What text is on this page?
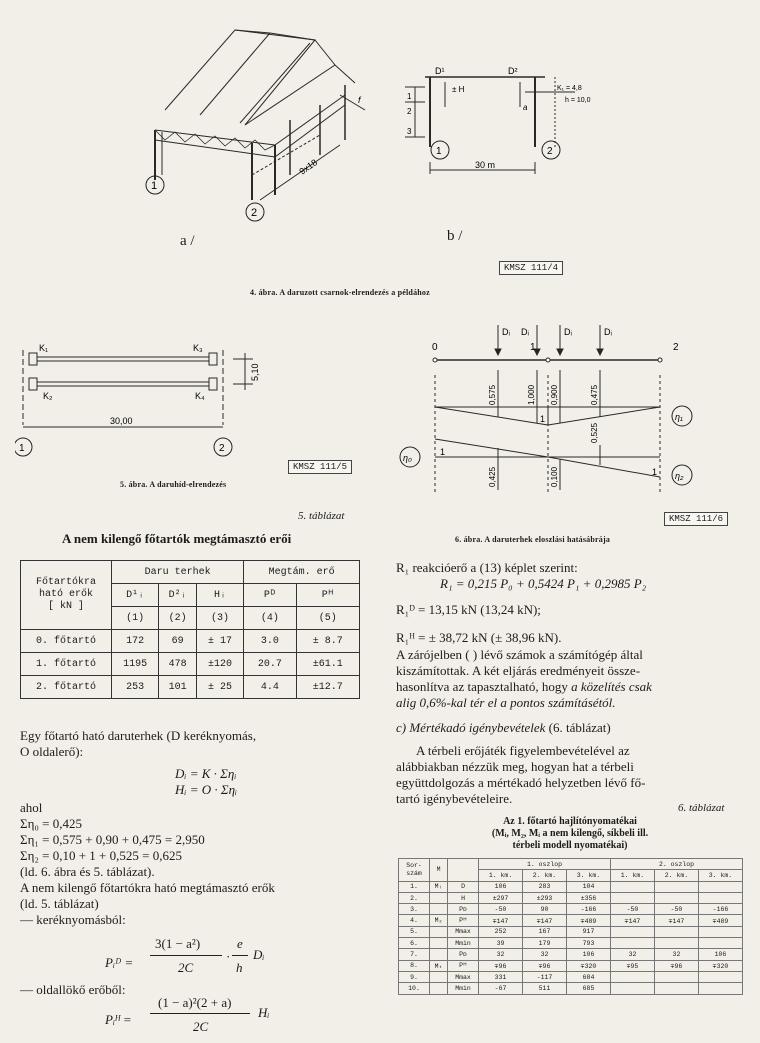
1
2
9x18
f
a /
1	2
D¹	D²
± H
a
K₁ = 4,8
h = 10,0
1
2
3
30 m
b /
KMSZ 111/4
4. ábra. A daruzott csarnok-elrendezés a példához
K₁	K₃
K₂	K₄
5,10
30,00
1	2
KMSZ 111/5
5. ábra. A daruhíd-elrendezés
0	1	2
Dᵢ Dᵢ	Dᵢ	Dᵢ
0,575	1,000 0,900	0,475
1	η₁
η₀
1
0,525
0,425	0,100	1 η₂
KMSZ 111/6
6. ábra. A daruterhek eloszlási hatásábrája
5. táblázat
A nem kilengő főtartók megtámasztó erői
Főtartókra
ható erők
[ kN ]	Daru terhek			Megtám. erő	
	D¹ᵢ	D²ᵢ	Hᵢ	Pᴰ	Pᴴ
	(1)	(2)	(3)	(4)	(5)
0. főtartó	172	69	± 17	3.0	± 8.7
1. főtartó	1195	478	±120	20.7	±61.1
2. főtartó	253	101	± 25	4.4	±12.7
Egy főtartó ható daruterhek (D keréknyomás,
O oldalerő):
Dᵢ = K · Σηᵢ
Hᵢ = O · Σηᵢ
ahol
Ση₀ = 0,425
Ση₁ = 0,575 + 0,90 + 0,475 = 2,950
Ση₂ = 0,10 + 1 + 0,525 = 0,625
(ld. 6. ábra és 5. táblázat).
A nem kilengő főtartókra ható megtámasztó erők
(ld. 5. táblázat)
— keréknyomásból:
Pᵢᴰ =
3(1 − a²)
2C
·
e
h
Dᵢ
— oldallökő erőből:
Pᵢᴴ =
(1 − a)²(2 + a)
2C
Hᵢ
R₁ reakcióerő a (13) képlet szerint:
R₁ = 0,215 P₀ + 0,5424 P₁ + 0,2985 P₂
R₁ᴰ = 13,15 kN (13,24 kN);
R₁ᴴ = ± 38,72 kN (± 38,96 kN).
A zárójelben ( ) lévő számok a számítógép által
kiszámítottak. A két eljárás eredményeit össze-
hasonlítva az tapasztalható, hogy a közelítés csak
alig 0,6%-kal tér el a pontos számításétól.
c) Mértékadó igénybevételek (6. táblázat)
A térbeli erőjáték figyelembevételével az
alábbiakban nézzük meg, hogyan hat a térbeli
együttdolgozás a mértékadó helyzetben lévő fő-
tartó igénybevételeire.
6. táblázat
Az 1. főtartó hajlítónyomatékai
(Mᵢ, M₂, Mᵢ a nem kilengő, síkbeli ill.
térbeli modell nyomatékai)
Sor-
szám	M		1. oszlop			2. oszlop		
			1. km.	2. km.	3. km.	1. km.	2. km.	3. km.
1.	Mᵢ	D	106	283	104			
2.		H	±297	±293	±356			
3.		Pᴅ	-50	90	-166	-50	-50	-166
4.	M₂	Pᴴ	∓147	∓147	∓489	∓147	∓147	∓489
5.		Mmax	252	167	917			
6.		Mmin	39	179	793			
7.		Pᴅ	32	32	106	32	32	106
8.	Mₜ	Pᴴ	∓96	∓96	∓320	∓95	∓96	∓320
9.		Mmax	331	-117	684			
10.		Mmin	-67	511	685			
